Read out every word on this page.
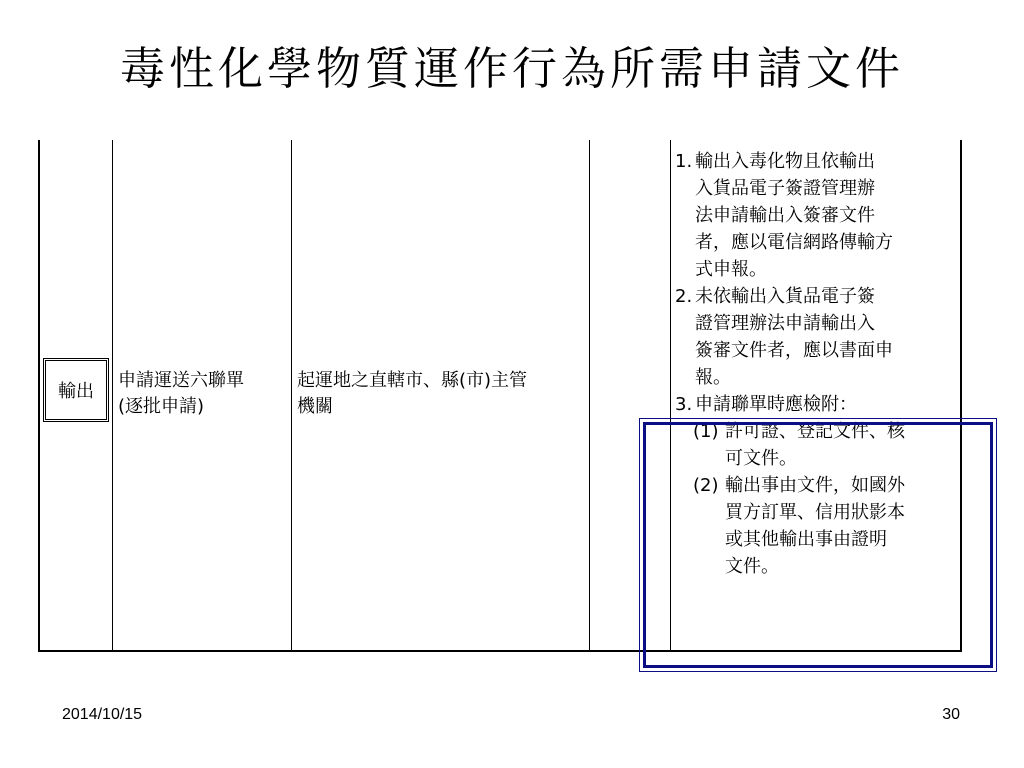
毒性化學物質運作行為所需申請文件
輸出
申請運送六聯單
(逐批申請)
起運地之直轄市、縣(市)主管
機關
1. 輸出入毒化物且依輸出
入貨品電子簽證管理辦
法申請輸出入簽審文件
者，應以電信網路傳輸方
式申報。
2. 未依輸出入貨品電子簽
證管理辦法申請輸出入
簽審文件者，應以書面申
報。
3. 申請聯單時應檢附：
(1) 許可證、登記文件、核
可文件。
(2) 輸出事由文件，如國外
買方訂單、信用狀影本
或其他輸出事由證明
文件。
2014/10/15	30
